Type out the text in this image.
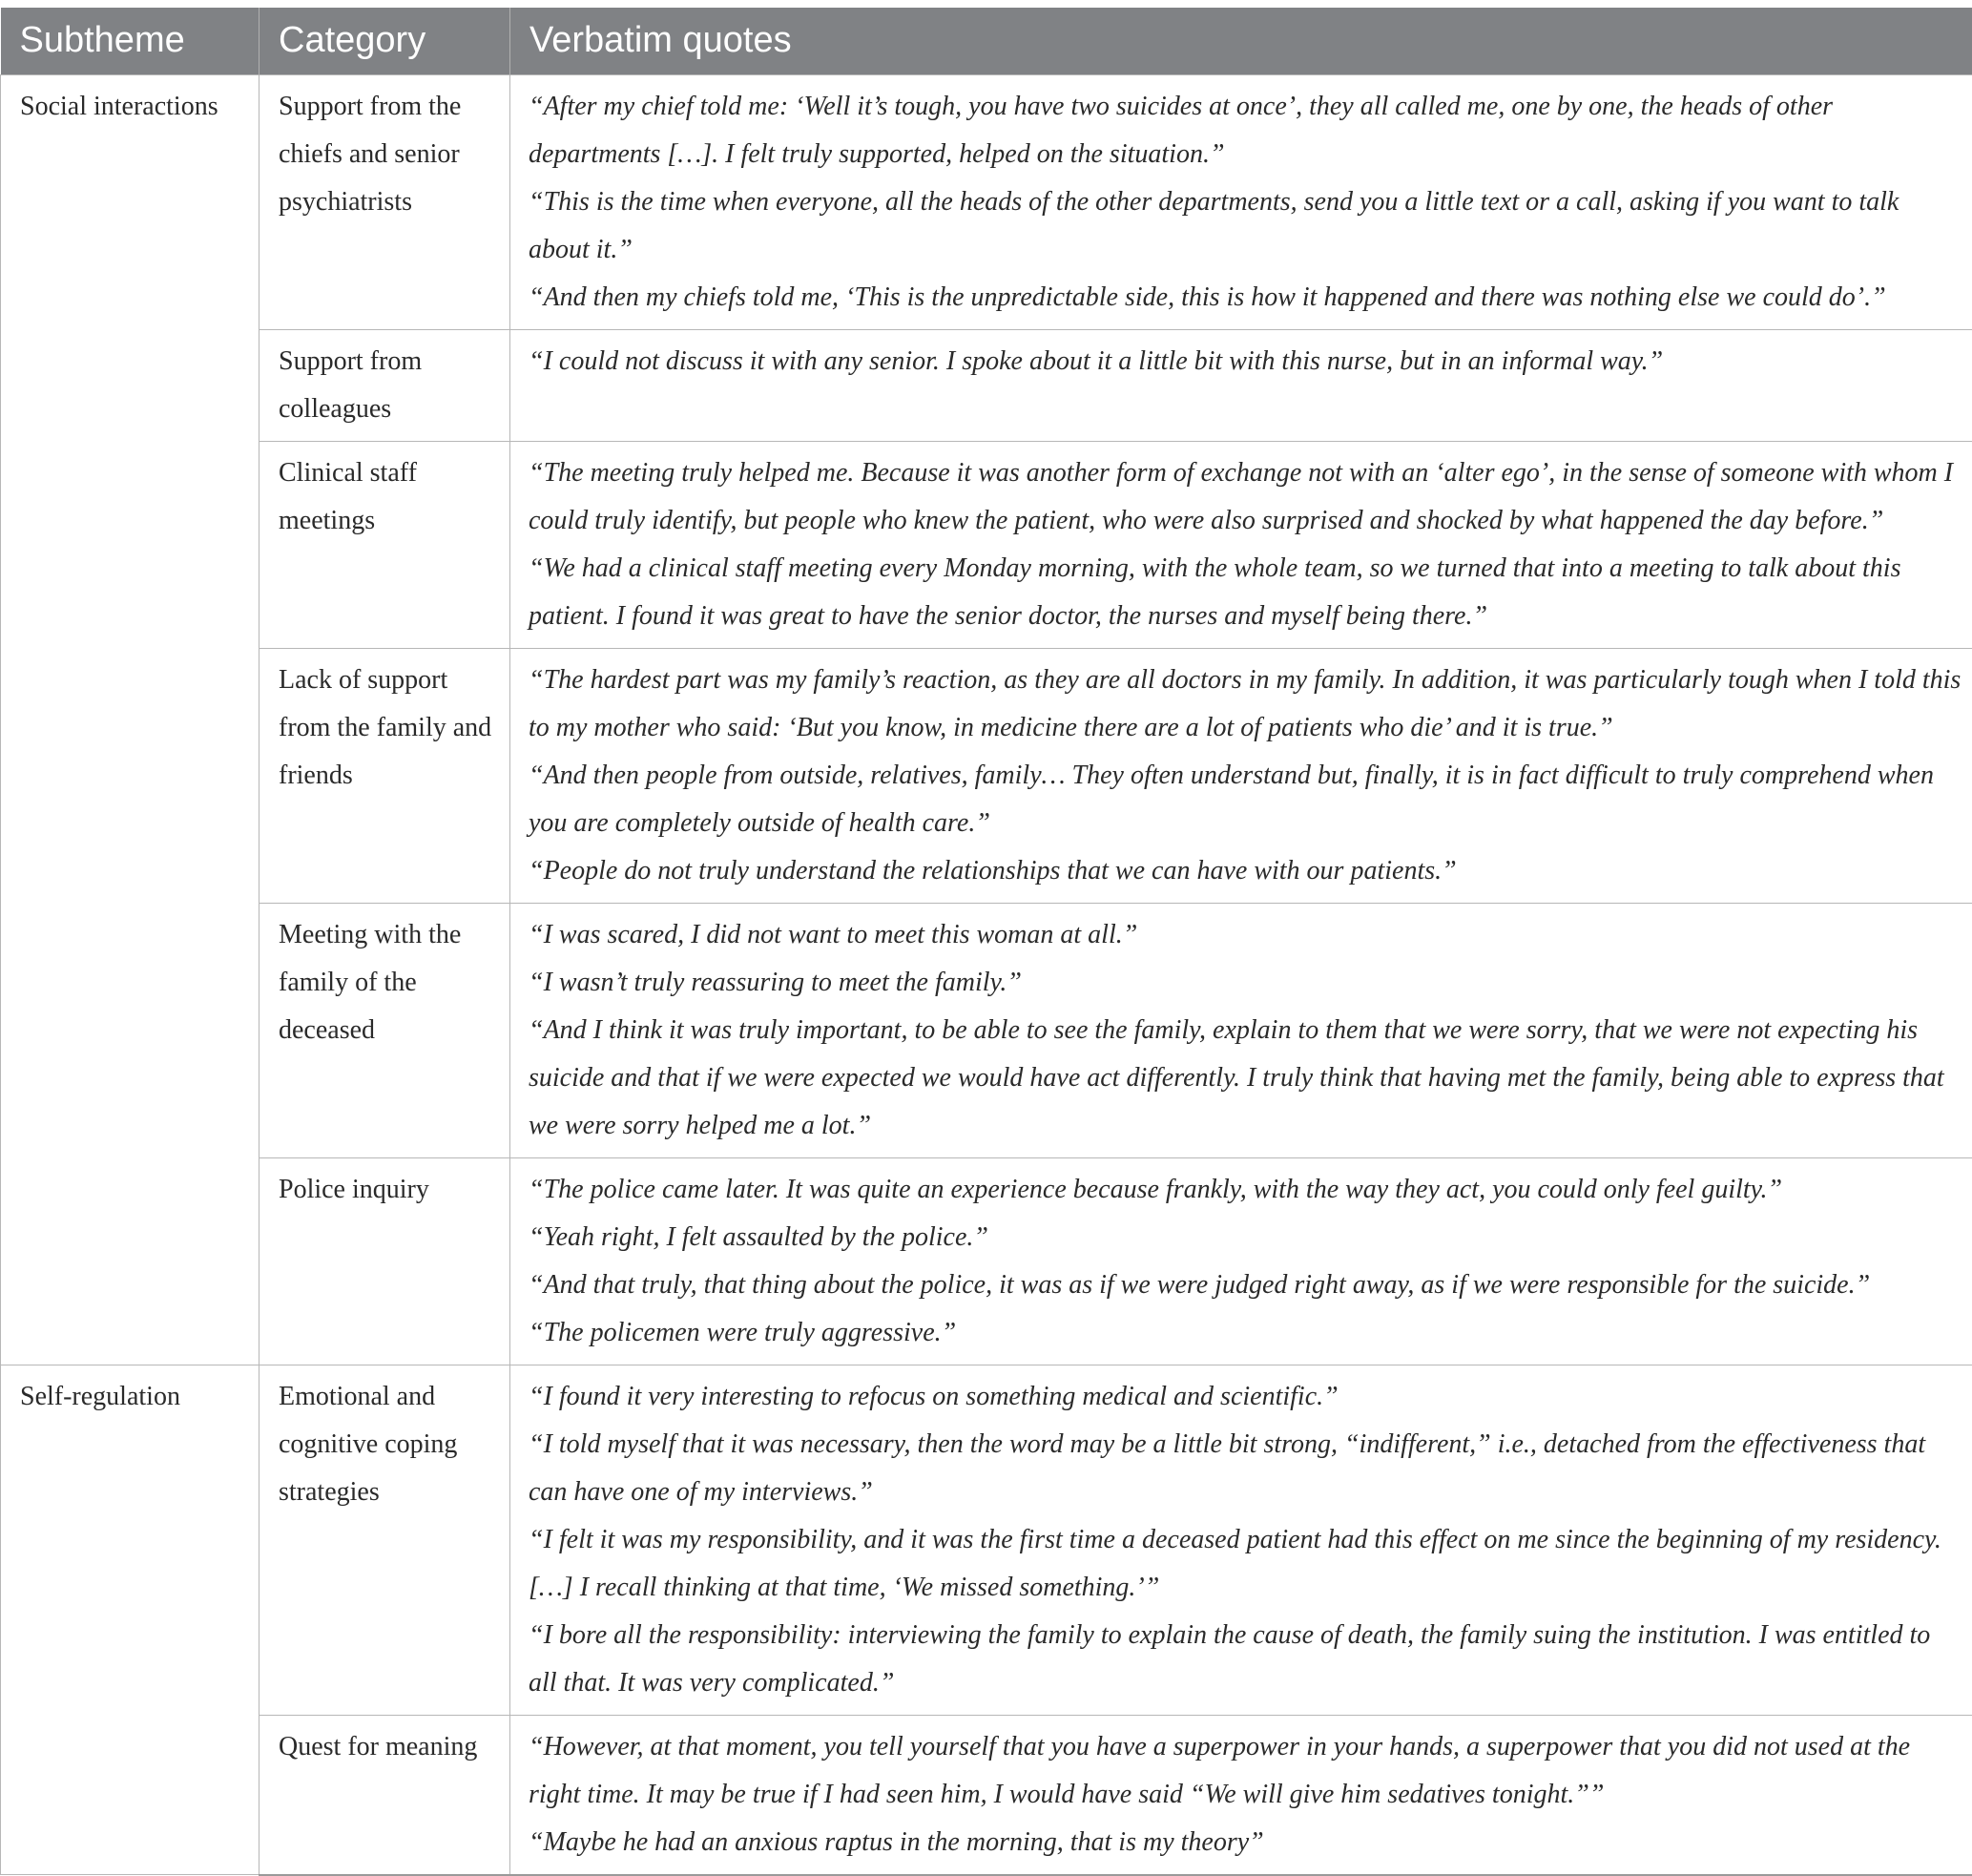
Subtheme	Category	Verbatim quotes
Social interactions	Support from the chiefs and senior psychiatrists	“After my chief told me: ‘Well it’s tough, you have two suicides at once’, they all called me, one by one, the heads of other departments […]. I felt truly supported, helped on the situation.”
“This is the time when everyone, all the heads of the other departments, send you a little text or a call, asking if you want to talk about it.”
“And then my chiefs told me, ‘This is the unpredictable side, this is how it happened and there was nothing else we could do’.”

	Support from colleagues	“I could not discuss it with any senior. I spoke about it a little bit with this nurse, but in an informal way.”

	Clinical staff meetings	“The meeting truly helped me. Because it was another form of exchange not with an ‘alter ego’, in the sense of someone with whom I could truly identify, but people who knew the patient, who were also surprised and shocked by what happened the day before.”
“We had a clinical staff meeting every Monday morning, with the whole team, so we turned that into a meeting to talk about this patient. I found it was great to have the senior doctor, the nurses and myself being there.”

	Lack of support from the family and friends	“The hardest part was my family’s reaction, as they are all doctors in my family. In addition, it was particularly tough when I told this to my mother who said: ‘But you know, in medicine there are a lot of patients who die’ and it is true.”
“And then people from outside, relatives, family… They often understand but, finally, it is in fact difficult to truly comprehend when you are completely outside of health care.”
“People do not truly understand the relationships that we can have with our patients.”

	Meeting with the family of the deceased	“I was scared, I did not want to meet this woman at all.”
“I wasn’t truly reassuring to meet the family.”
“And I think it was truly important, to be able to see the family, explain to them that we were sorry, that we were not expecting his suicide and that if we were expected we would have act differently. I truly think that having met the family, being able to express that we were sorry helped me a lot.”

	Police inquiry	“The police came later. It was quite an experience because frankly, with the way they act, you could only feel guilty.”
“Yeah right, I felt assaulted by the police.”
“And that truly, that thing about the police, it was as if we were judged right away, as if we were responsible for the suicide.”
“The policemen were truly aggressive.”

Self-regulation	Emotional and cognitive coping strategies	“I found it very interesting to refocus on something medical and scientific.”
“I told myself that it was necessary, then the word may be a little bit strong, “indifferent,” i.e., detached from the effectiveness that can have one of my interviews.”
“I felt it was my responsibility, and it was the first time a deceased patient had this effect on me since the beginning of my residency. […] I recall thinking at that time, ‘We missed something.’”
“I bore all the responsibility: interviewing the family to explain the cause of death, the family suing the institution. I was entitled to all that. It was very complicated.”

	Quest for meaning	“However, at that moment, you tell yourself that you have a superpower in your hands, a superpower that you did not used at the right time. It may be true if I had seen him, I would have said “We will give him sedatives tonight.””
“Maybe he had an anxious raptus in the morning, that is my theory”
